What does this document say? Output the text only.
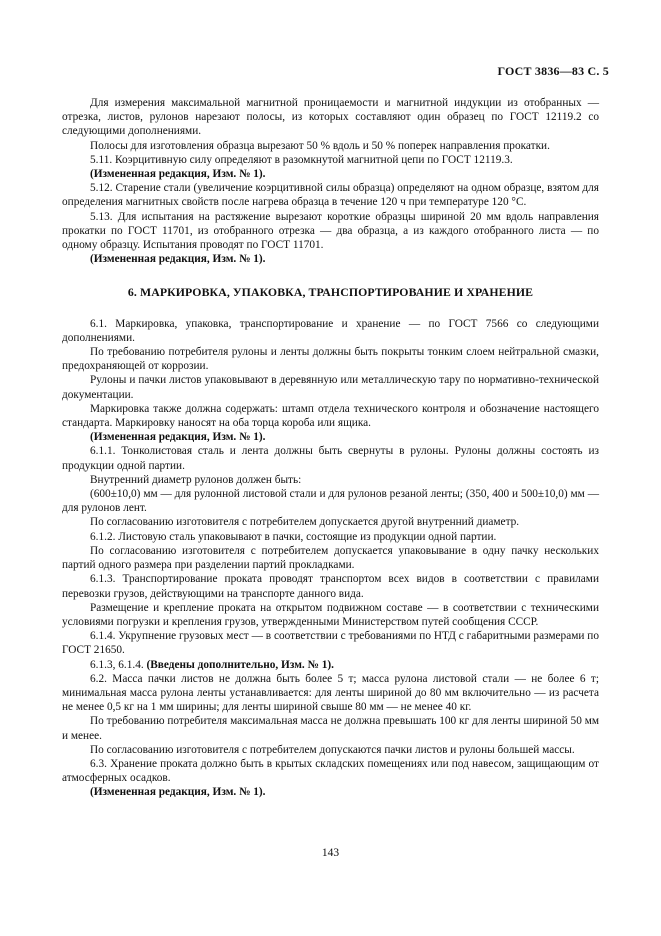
ГОСТ 3836—83 С. 5

Для измерения максимальной магнитной проницаемости и магнитной индукции из отобранных — отрезка, листов, рулонов нарезают полосы, из которых составляют один образец по ГОСТ 12119.2 со следующими дополнениями.

Полосы для изготовления образца вырезают 50 % вдоль и 50 % поперек направления прокатки.

5.11. Коэрцитивную силу определяют в разомкнутой магнитной цепи по ГОСТ 12119.3.

(Измененная редакция, Изм. № 1).

5.12. Старение стали (увеличение коэрцитивной силы образца) определяют на одном образце, взятом для определения магнитных свойств после нагрева образца в течение 120 ч при температуре 120 °С.

5.13. Для испытания на растяжение вырезают короткие образцы шириной 20 мм вдоль направления прокатки по ГОСТ 11701, из отобранного отрезка — два образца, а из каждого отобранного листа — по одному образцу. Испытания проводят по ГОСТ 11701.

(Измененная редакция, Изм. № 1).

6. МАРКИРОВКА, УПАКОВКА, ТРАНСПОРТИРОВАНИЕ И ХРАНЕНИЕ

6.1. Маркировка, упаковка, транспортирование и хранение — по ГОСТ 7566 со следующими дополнениями.

По требованию потребителя рулоны и ленты должны быть покрыты тонким слоем нейтральной смазки, предохраняющей от коррозии.

Рулоны и пачки листов упаковывают в деревянную или металлическую тару по нормативно-технической документации.

Маркировка также должна содержать: штамп отдела технического контроля и обозначение настоящего стандарта. Маркировку наносят на оба торца короба или ящика.

(Измененная редакция, Изм. № 1).

6.1.1. Тонколистовая сталь и лента должны быть свернуты в рулоны. Рулоны должны состоять из продукции одной партии.

Внутренний диаметр рулонов должен быть:

(600±10,0) мм — для рулонной листовой стали и для рулонов резаной ленты; (350, 400 и 500±10,0) мм — для рулонов лент.

По согласованию изготовителя с потребителем допускается другой внутренний диаметр.

6.1.2. Листовую сталь упаковывают в пачки, состоящие из продукции одной партии.

По согласованию изготовителя с потребителем допускается упаковывание в одну пачку нескольких партий одного размера при разделении партий прокладками.

6.1.3. Транспортирование проката проводят транспортом всех видов в соответствии с правилами перевозки грузов, действующими на транспорте данного вида.

Размещение и крепление проката на открытом подвижном составе — в соответствии с техническими условиями погрузки и крепления грузов, утвержденными Министерством путей сообщения СССР.

6.1.4. Укрупнение грузовых мест — в соответствии с требованиями по НТД с габаритными размерами по ГОСТ 21650.

6.1.3, 6.1.4. (Введены дополнительно, Изм. № 1).

6.2. Масса пачки листов не должна быть более 5 т; масса рулона листовой стали — не более 6 т; минимальная масса рулона ленты устанавливается: для ленты шириной до 80 мм включительно — из расчета не менее 0,5 кг на 1 мм ширины; для ленты шириной свыше 80 мм — не менее 40 кг.

По требованию потребителя максимальная масса не должна превышать 100 кг для ленты шириной 50 мм и менее.

По согласованию изготовителя с потребителем допускаются пачки листов и рулоны большей массы.

6.3. Хранение проката должно быть в крытых складских помещениях или под навесом, защищающим от атмосферных осадков.

(Измененная редакция, Изм. № 1).

143
